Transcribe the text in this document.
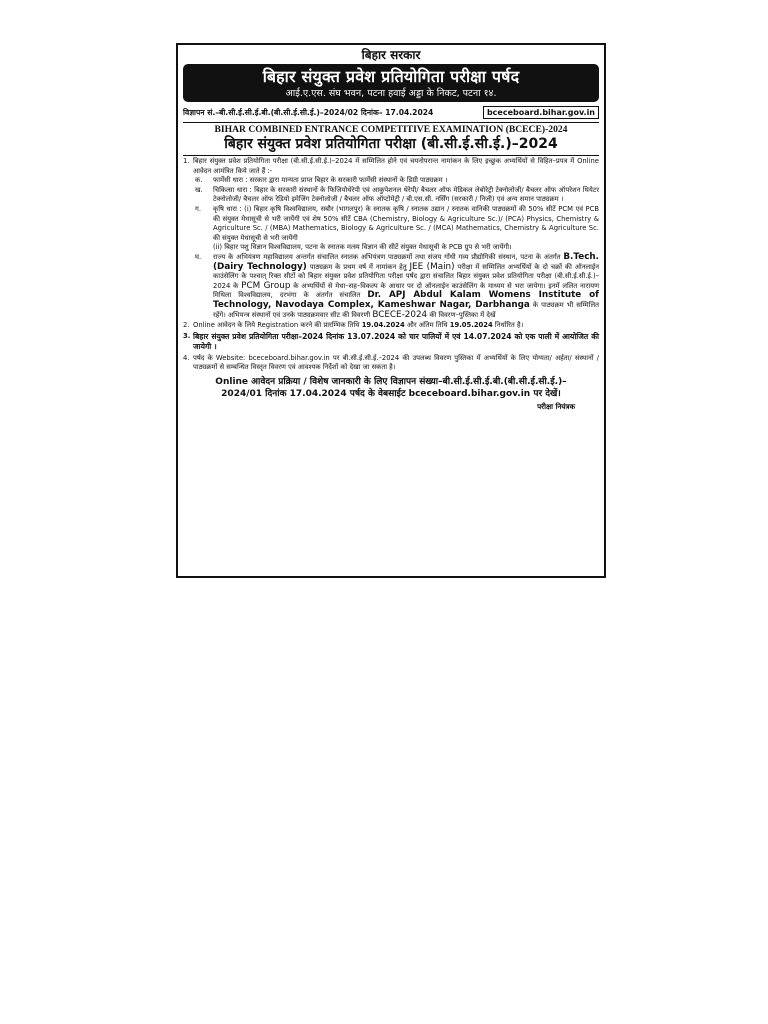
बिहार सरकार
बिहार संयुक्त प्रवेश प्रतियोगिता परीक्षा पर्षद
आई.ए.एस. संघ भवन, पटना हवाई अड्डा के निकट, पटना १४.
विज्ञापन सं.–बी.सी.ई.सी.ई.बी.(बी.सी.ई.सी.ई.)–2024/02 दिनांक– 17.04.2024	bceceboard.bihar.gov.in
BIHAR COMBINED ENTRANCE COMPETITIVE EXAMINATION (BCECE)-2024
बिहार संयुक्त प्रवेश प्रतियोगिता परीक्षा (बी.सी.ई.सी.ई.)–2024
1. बिहार संयुक्त प्रवेश प्रतियोगिता परीक्षा (बी.सी.ई.सी.ई.)–2024 में सम्मिलित होने एवं चयनोपरान्त नामांकन के लिए इच्छुक अभ्यर्थियों से विहित–प्रपत्र में Online आवेदन आमंत्रित किये जाते हैं :-
क.	फार्मेसी धारा : सरकार द्वारा मान्यता प्राप्त बिहार के सरकारी फार्मेसी संस्थानों के डिग्री पाठ्यक्रम ।
ख.	चिकित्सा धारा : बिहार के सरकारी संस्थानों के फिजियोथेरेपी एवं आकुपेशनल थेरेपी/ बैचलर ऑफ मेडिकल लेबोरेट्री टेक्नोलोजी/ बैचलर ऑफ ऑपरेशन थियेटर टेक्नोलोजी/ बैचलर ऑफ रेडियो इमेजिंग टेक्नोलोजी / बैचलर ऑफ ऑप्टोमेट्री / बी.एस.सी. नर्सिंग (सरकारी / निजी) एवं अन्य समान पाठ्यक्रम ।
ग.	कृषि धारा : (i) बिहार कृषि विश्वविद्यालय, सबौर (भागलपुर) के स्नातक कृषि / स्नातक उद्यान / स्नातक वानिकी पाठ्यक्रमों की 50% सीटें PCM एवं PCB की संयुक्त मेधासूची से भरी जायेंगी एवं शेष 50% सीटें CBA (Chemistry, Biology & Agriculture Sc.)/ (PCA) Physics, Chemistry & Agriculture Sc. / (MBA) Mathematics, Biology & Agriculture Sc. / (MCA) Mathematics, Chemistry & Agriculture Sc. की संयुक्त मेधासूची से भरी जायेंगी
(ii) बिहार पशु विज्ञान विश्वविद्यालय, पटना के स्नातक मत्स्य विज्ञान की सीटें संयुक्त मेधासूची के PCB ग्रुप से भरी जायेंगी।
घ.	राज्य के अभियंत्रण महाविद्यालय अन्तर्गत संचालित स्नातक अभियंत्रण पाठ्यक्रमों तथा संजय गाँधी गव्य प्रौद्योगिकी संस्थान, पटना के अंतर्गत B.Tech. (Dairy Technology) पाठ्यक्रम के प्रथम वर्ष में नामांकन हेतु JEE (Main) परीक्षा में सम्मिलित अभ्यर्थियों के दो चक्रों की ऑनलाईन काउंसेलिंग के पश्चात् रिक्त सीटों को बिहार संयुक्त प्रवेश प्रतियोगिता परीक्षा पर्षद द्वारा संचालित बिहार संयुक्त प्रवेश प्रतियोगिता परीक्षा (बी.सी.ई.सी.ई.)–2024 के PCM Group के अभ्यर्थियों से मेधा–सह–विकल्प के आधार पर दो ऑनलाईन काउंसेलिंग के माध्यम से भरा जायेगा। इनमें ललित नारायण मिथिला विश्वविद्यालय, दरभंगा के अंतर्गत संचालित Dr. APJ Abdul Kalam Womens Institute of Technology, Navodaya Complex, Kameshwar Nagar, Darbhanga के पाठ्यक्रम भी सम्मिलित रहेंगे। अभियन्त्र संस्थानों एवं उनके पाठ्यक्रमवार सीट की विवरणी BCECE-2024 की विवरण–पुस्तिका में देखें
2. Online आवेदन के लिये Registration करने की प्रारम्भिक तिथि 19.04.2024 और अंतिम तिथि 19.05.2024 निर्धारित है।
3. बिहार संयुक्त प्रवेश प्रतियोगिता परीक्षा–2024 दिनांक 13.07.2024 को चार पालियों में एवं 14.07.2024 को एक पाली में आयोजित की जायेगी ।
4. पर्षद के Website: bceceboard.bihar.gov.in पर बी.सी.ई.सी.ई.–2024 की उपलब्ध विवरण पुस्तिका में अभ्यर्थियों के लिए योग्यता/ अर्हता/ संस्थानों / पाठ्यक्रमों से सम्बन्धित विस्तृत विवरण एवं आवश्यक निर्देशों को देखा जा सकता है।
Online आवेदन प्रक्रिया / विशेष जानकारी के लिए विज्ञापन संख्या–बी.सी.ई.सी.ई.बी.(बी.सी.ई.सी.ई.)–
2024/01 दिनांक 17.04.2024 पर्षद के वेबसाईट bceceboard.bihar.gov.in पर देखें।
परीक्षा नियंत्रक
